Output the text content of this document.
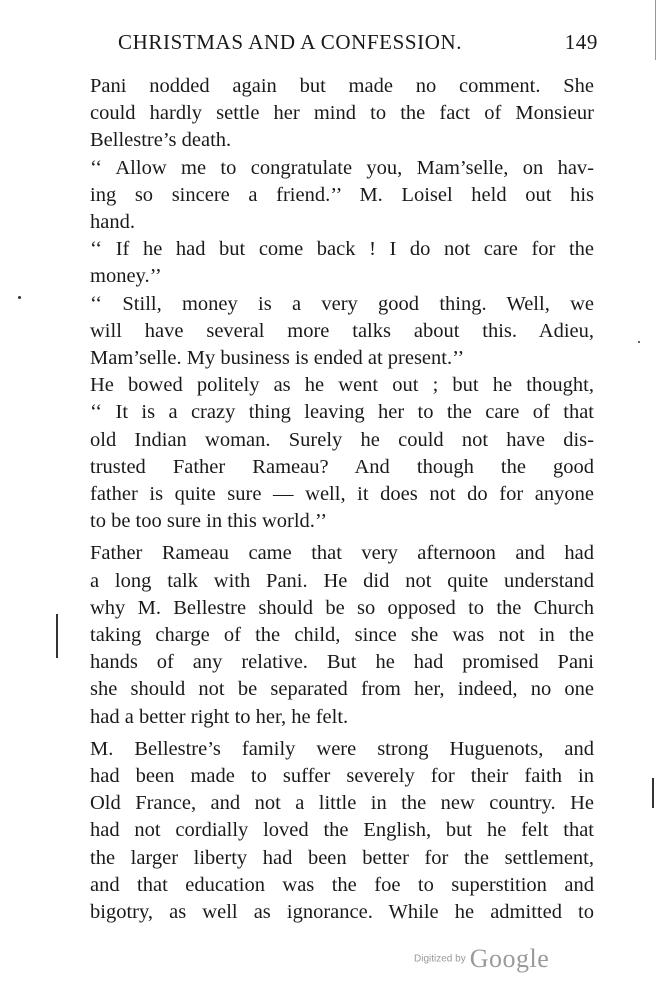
CHRISTMAS AND A CONFESSION.	149

Pani nodded again but made no comment. She
could hardly settle her mind to the fact of Monsieur
Bellestre’s death.

‘‘ Allow me to congratulate you, Mam’selle, on hav-
ing so sincere a friend.’’ M. Loisel held out his
hand.

‘‘ If he had but come back ! I do not care for the
money.’’

‘‘ Still, money is a very good thing. Well, we
will have several more talks about this. Adieu,
Mam’selle. My business is ended at present.’’

He bowed politely as he went out ; but he thought,
‘‘ It is a crazy thing leaving her to the care of that
old Indian woman. Surely he could not have dis-
trusted Father Rameau? And though the good
father is quite sure — well, it does not do for anyone
to be too sure in this world.’’

Father Rameau came that very afternoon and had
a long talk with Pani. He did not quite understand
why M. Bellestre should be so opposed to the Church
taking charge of the child, since she was not in the
hands of any relative. But he had promised Pani
she should not be separated from her, indeed, no one
had a better right to her, he felt.

M. Bellestre’s family were strong Huguenots, and
had been made to suffer severely for their faith in
Old France, and not a little in the new country. He
had not cordially loved the English, but he felt that
the larger liberty had been better for the settlement,
and that education was the foe to superstition and
bigotry, as well as ignorance. While he admitted to

Digitized by Google
